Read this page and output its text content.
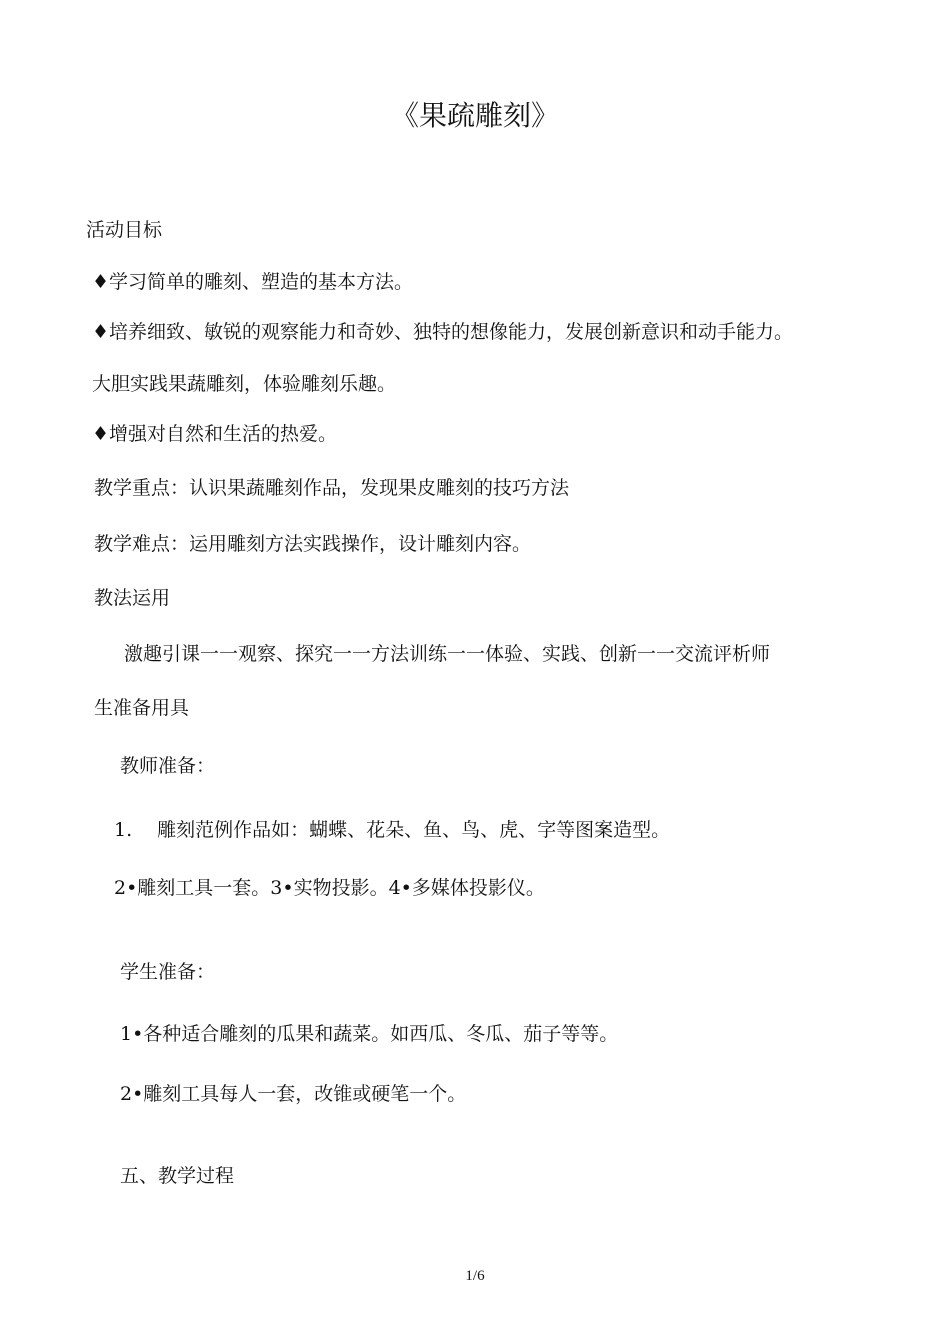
《果疏雕刻》
活动目标
♦学习简单的雕刻、塑造的基本方法。
♦培养细致、敏锐的观察能力和奇妙、独特的想像能力，发展创新意识和动手能力。
大胆实践果蔬雕刻，体验雕刻乐趣。
♦增强对自然和生活的热爱。
教学重点：认识果蔬雕刻作品，发现果皮雕刻的技巧方法
教学难点：运用雕刻方法实践操作，设计雕刻内容。
教法运用
激趣引课一一观察、探究一一方法训练一一体验、实践、创新一一交流评析师
生准备用具
教师准备：
1.　 雕刻范例作品如：蝴蝶、花朵、鱼、鸟、虎、字等图案造型。
2•雕刻工具一套。3•实物投影。4•多媒体投影仪。
学生准备：
1•各种适合雕刻的瓜果和蔬菜。如西瓜、冬瓜、茄子等等。
2•雕刻工具每人一套，改锥或硬笔一个。
五、教学过程
1/6
